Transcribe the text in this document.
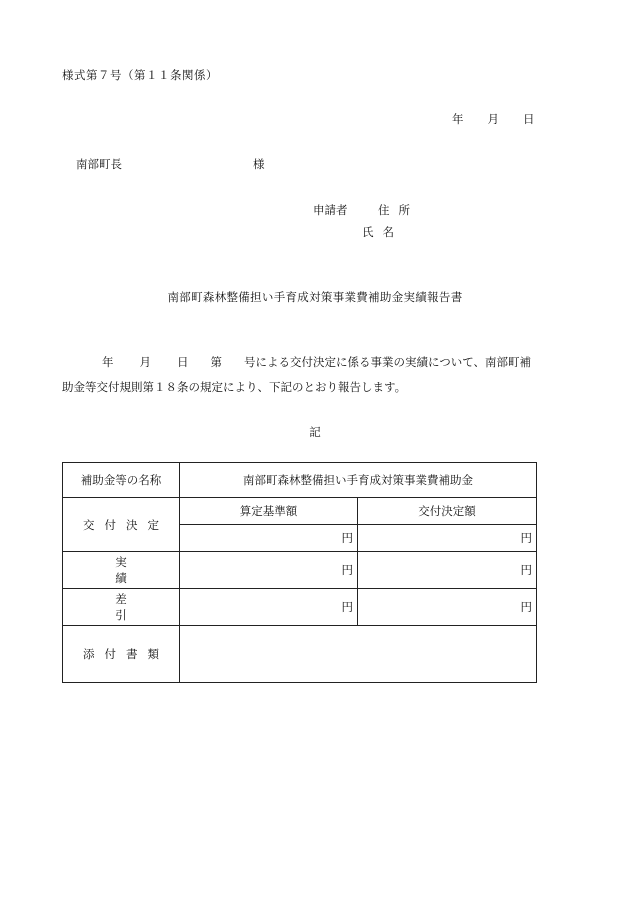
様式第７号（第１１条関係）
年 月 日
南部町長	様
申請者	住所
氏名
南部町森林整備担い手育成対策事業費補助金実績報告書
年 月 日 第 号による交付決定に係る事業の実績について、南部町補
助金等交付規則第１８条の規定により、下記のとおり報告します。
記
補助金等の名称	南部町森林整備担い手育成対策事業費補助金	
交付決定	算定基準額	交付決定額
	円	円
実績	円	円
差引	円	円
添付書類		
